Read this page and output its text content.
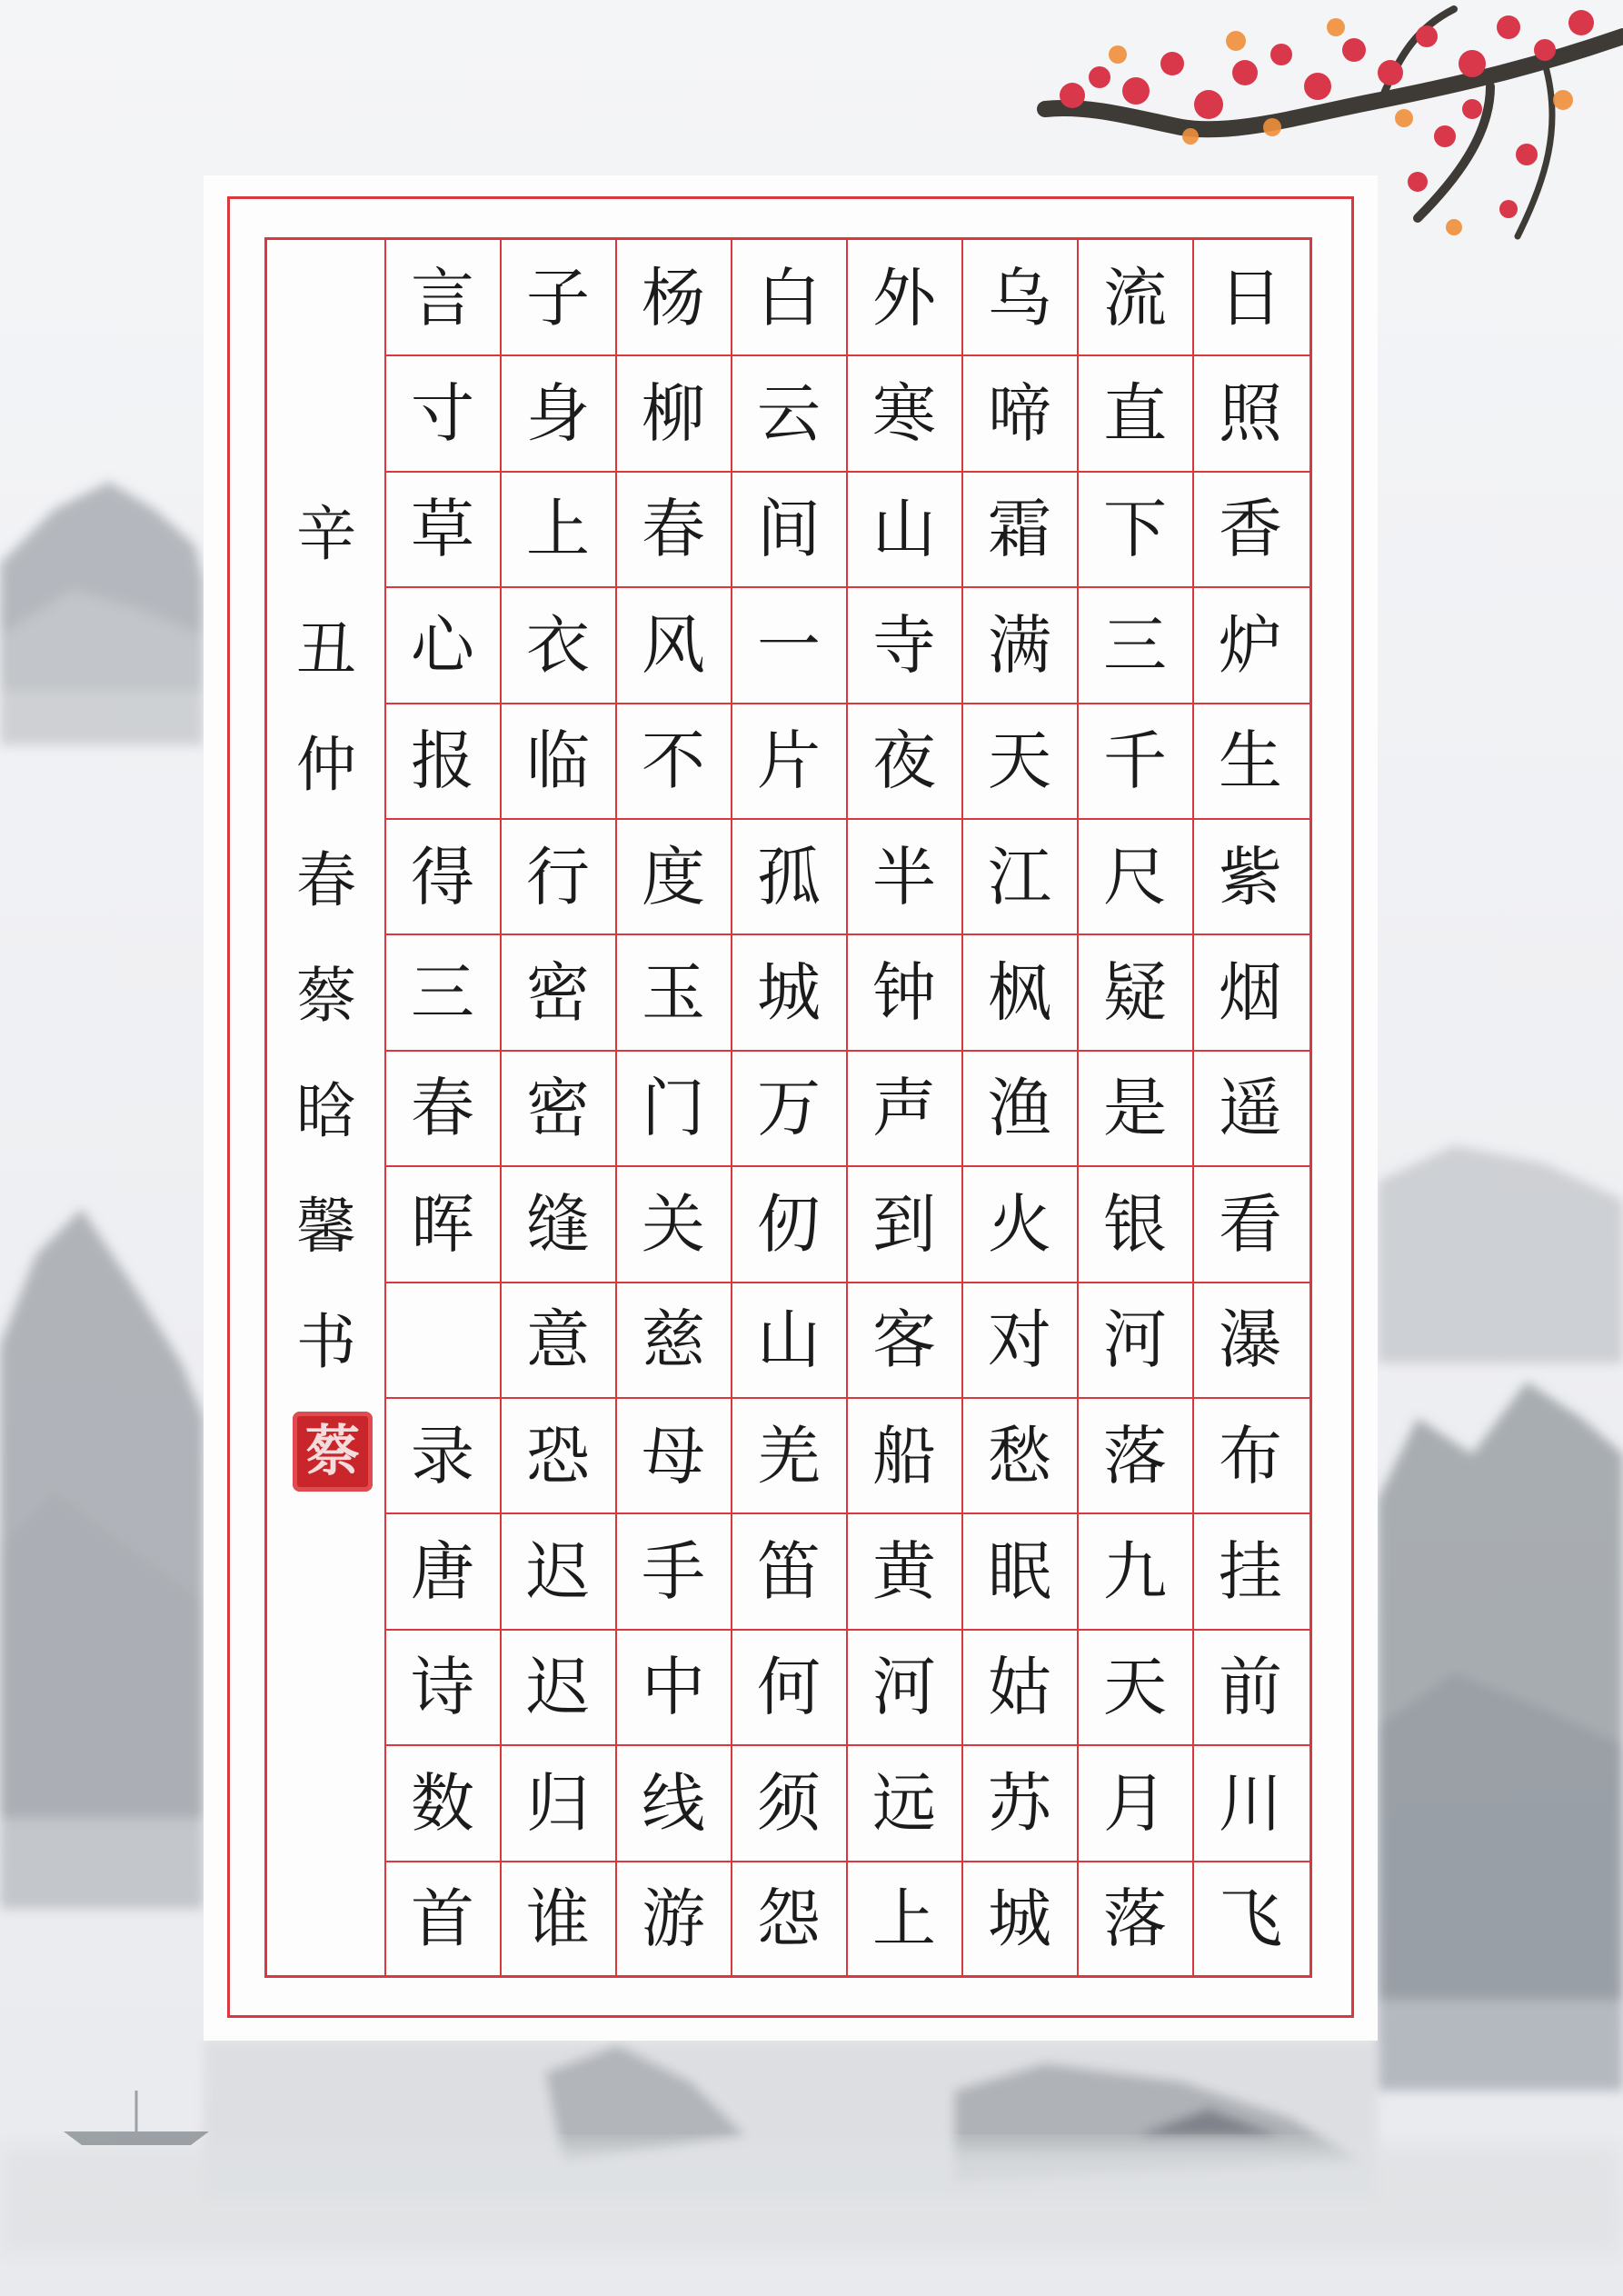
日
照
香
炉
生
紫
烟
遥
看
瀑
布
挂
前
川
飞
流
直
下
三
千
尺
疑
是
银
河
落
九
天
月
落
乌
啼
霜
满
天
江
枫
渔
火
对
愁
眠
姑
苏
城
外
寒
山
寺
夜
半
钟
声
到
客
船
黄
河
远
上
白
云
间
一
片
孤
城
万
仞
山
羌
笛
何
须
怨
杨
柳
春
风
不
度
玉
门
关
慈
母
手
中
线
游
子
身
上
衣
临
行
密
密
缝
意
恐
迟
迟
归
谁
言
寸
草
心
报
得
三
春
晖
录
唐
诗
数
首
辛
丑
仲
春
蔡
晗
馨
书
蔡
